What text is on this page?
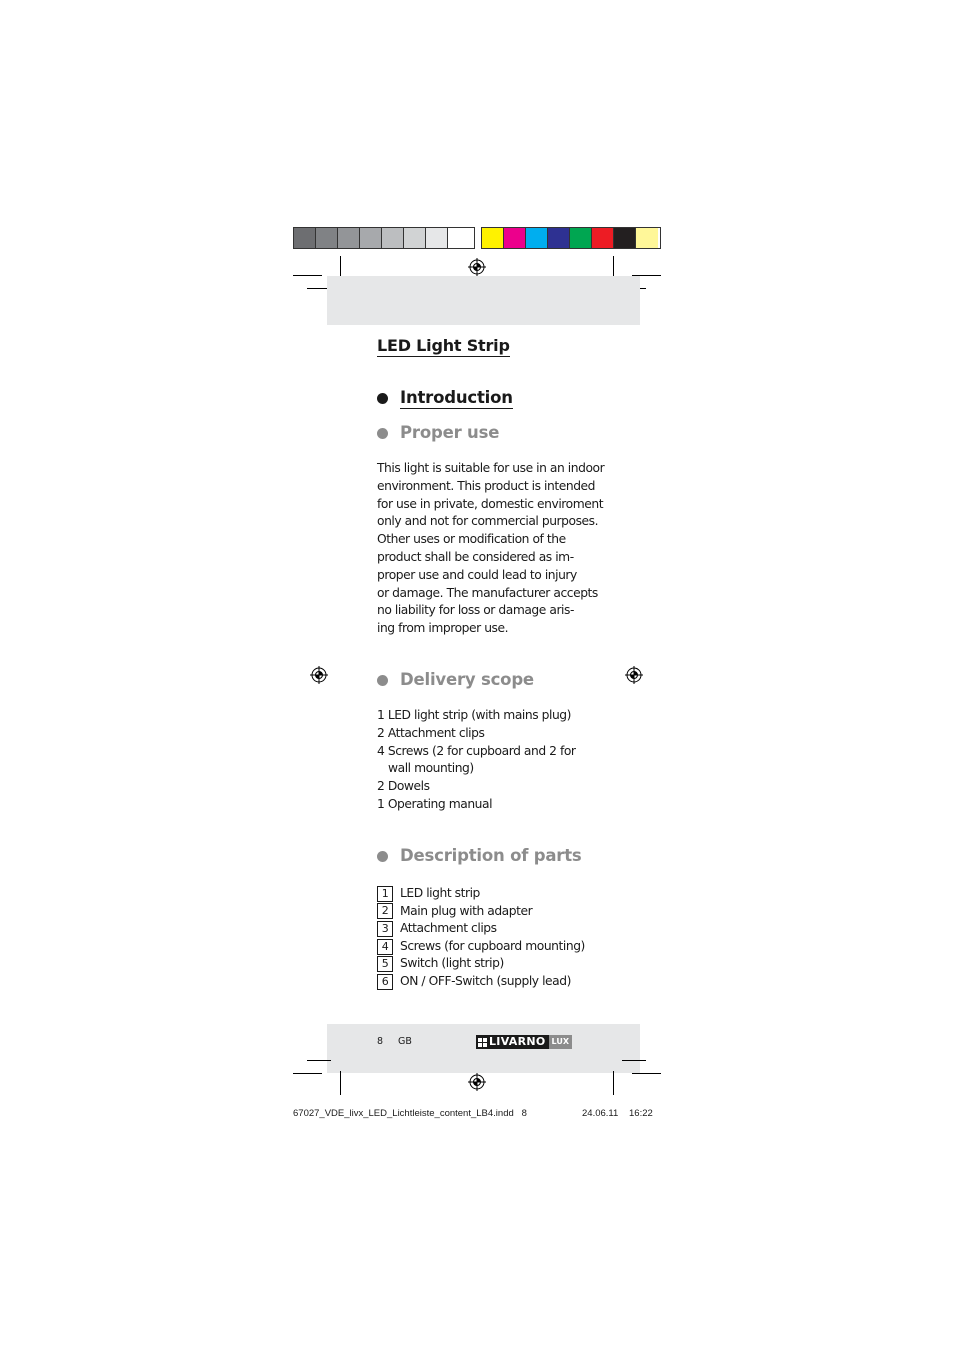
LED Light Strip
Introduction
Proper use
This light is suitable for use in an indoor
environment. This product is intended
for use in private, domestic enviroment
only and not for commercial purposes.
Other uses or modification of the
product shall be considered as im-
proper use and could lead to injury
or damage. The manufacturer accepts
no liability for loss or damage aris-
ing from improper use.
Delivery scope
1 LED light strip (with mains plug)
2 Attachment clips
4 Screws (2 for cupboard and 2 for
wall mounting)
2 Dowels
1 Operating manual
Description of parts
1 LED light strip
2 Main plug with adapter
3 Attachment clips
4 Screws (for cupboard mounting)
5 Switch (light strip)
6 ON / OFF-Switch (supply lead)
8 GB	LIVARNO LUX
67027_VDE_livx_LED_Lichtleiste_content_LB4.indd   8	24.06.11 16:22
